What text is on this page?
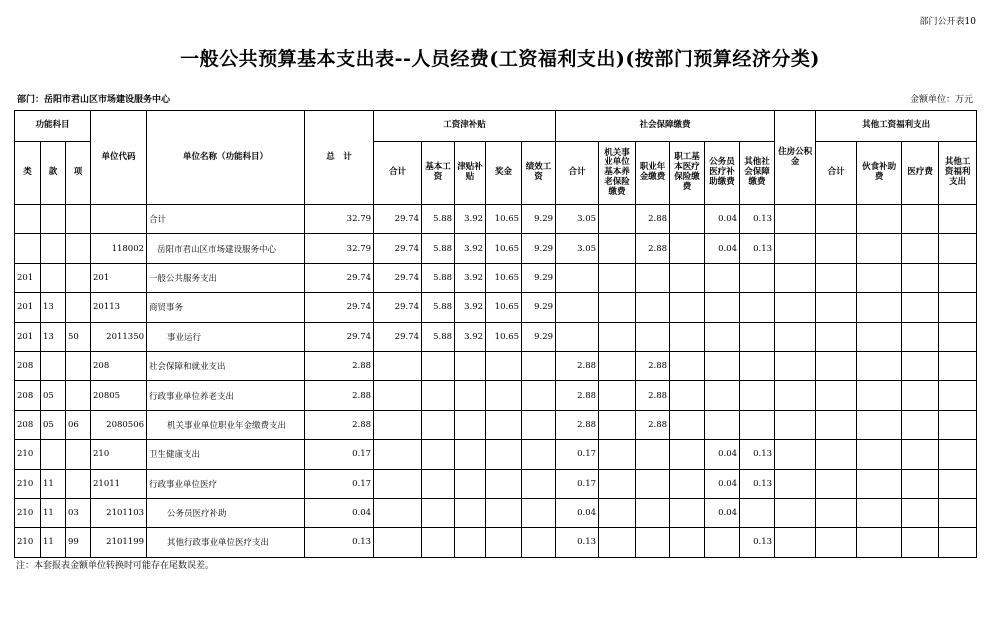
部门公开表10
一般公共预算基本支出表--人员经费(工资福利支出)(按部门预算经济分类)
部门：岳阳市君山区市场建设服务中心	金额单位：万元
功能科目			单位代码	单位名称（功能科目）	总　计	工资津补贴					社会保障缴费						住房公积金	其他工资福利支出			
类	款	项				合计	基本工资	津贴补贴	奖金	绩效工资	合计	机关事业单位基本养老保险缴费	职业年金缴费	职工基本医疗保险缴费	公务员医疗补助缴费	其他社会保障缴费		合计	伙食补助费	医疗费	其他工资福利支出
				合计	32.79	29.74	5.88	3.92	10.65	9.29	3.05		2.88		0.04	0.13					
			118002	岳阳市君山区市场建设服务中心	32.79	29.74	5.88	3.92	10.65	9.29	3.05		2.88		0.04	0.13					
201			201	一般公共服务支出	29.74	29.74	5.88	3.92	10.65	9.29											
201	13		20113	商贸事务	29.74	29.74	5.88	3.92	10.65	9.29											
201	13	50	2011350	事业运行	29.74	29.74	5.88	3.92	10.65	9.29											
208			208	社会保障和就业支出	2.88						2.88		2.88								
208	05		20805	行政事业单位养老支出	2.88						2.88		2.88								
208	05	06	2080506	机关事业单位职业年金缴费支出	2.88						2.88		2.88								
210			210	卫生健康支出	0.17						0.17				0.04	0.13					
210	11		21011	行政事业单位医疗	0.17						0.17				0.04	0.13					
210	11	03	2101103	公务员医疗补助	0.04						0.04				0.04						
210	11	99	2101199	其他行政事业单位医疗支出	0.13						0.13					0.13					
注：本套报表金额单位转换时可能存在尾数误差。
